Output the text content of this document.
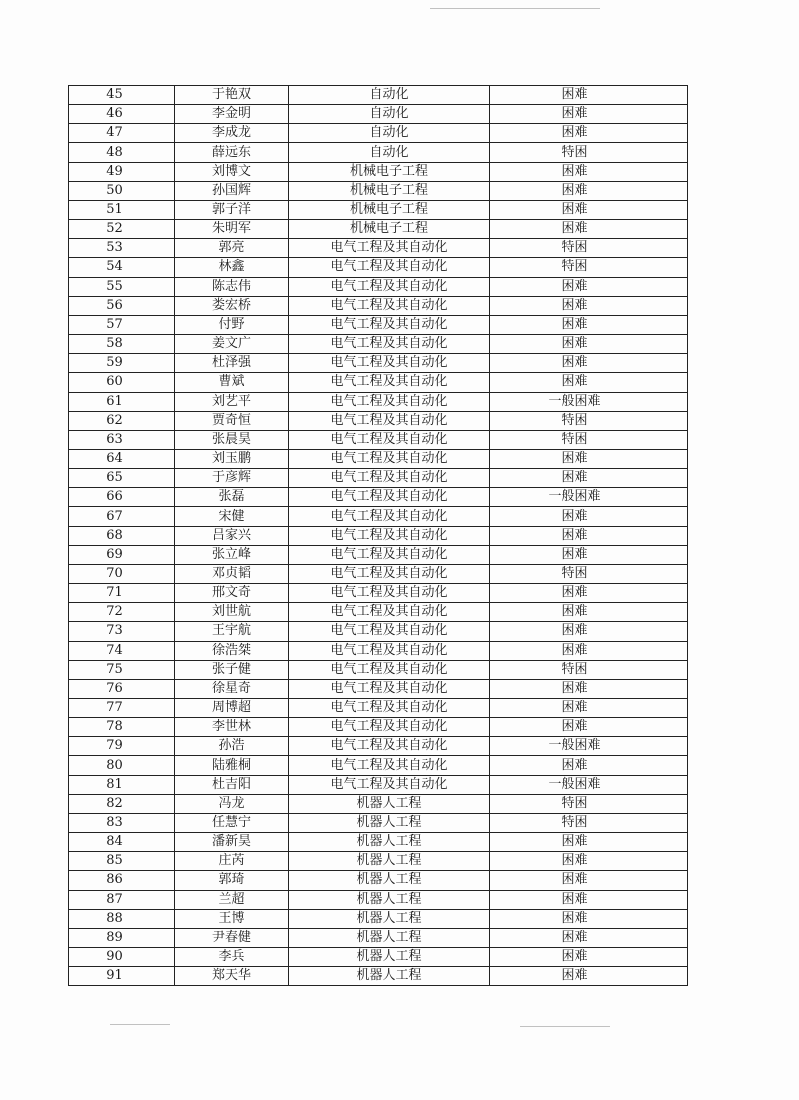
45	于艳双	自动化	困难
46	李金明	自动化	困难
47	李成龙	自动化	困难
48	薛远东	自动化	特困
49	刘博文	机械电子工程	困难
50	孙国辉	机械电子工程	困难
51	郭子洋	机械电子工程	困难
52	朱明军	机械电子工程	困难
53	郭亮	电气工程及其自动化	特困
54	林鑫	电气工程及其自动化	特困
55	陈志伟	电气工程及其自动化	困难
56	娄宏桥	电气工程及其自动化	困难
57	付野	电气工程及其自动化	困难
58	姜文广	电气工程及其自动化	困难
59	杜泽强	电气工程及其自动化	困难
60	曹斌	电气工程及其自动化	困难
61	刘艺平	电气工程及其自动化	一般困难
62	贾奇恒	电气工程及其自动化	特困
63	张晨昊	电气工程及其自动化	特困
64	刘玉鹏	电气工程及其自动化	困难
65	于彦辉	电气工程及其自动化	困难
66	张磊	电气工程及其自动化	一般困难
67	宋健	电气工程及其自动化	困难
68	吕家兴	电气工程及其自动化	困难
69	张立峰	电气工程及其自动化	困难
70	邓贞韬	电气工程及其自动化	特困
71	邢文奇	电气工程及其自动化	困难
72	刘世航	电气工程及其自动化	困难
73	王宇航	电气工程及其自动化	困难
74	徐浩桀	电气工程及其自动化	困难
75	张子健	电气工程及其自动化	特困
76	徐星奇	电气工程及其自动化	困难
77	周博超	电气工程及其自动化	困难
78	李世林	电气工程及其自动化	困难
79	孙浩	电气工程及其自动化	一般困难
80	陆雅桐	电气工程及其自动化	困难
81	杜吉阳	电气工程及其自动化	一般困难
82	冯龙	机器人工程	特困
83	任慧宁	机器人工程	特困
84	潘新昊	机器人工程	困难
85	庄芮	机器人工程	困难
86	郭琦	机器人工程	困难
87	兰超	机器人工程	困难
88	王博	机器人工程	困难
89	尹春健	机器人工程	困难
90	李兵	机器人工程	困难
91	郑天华	机器人工程	困难
